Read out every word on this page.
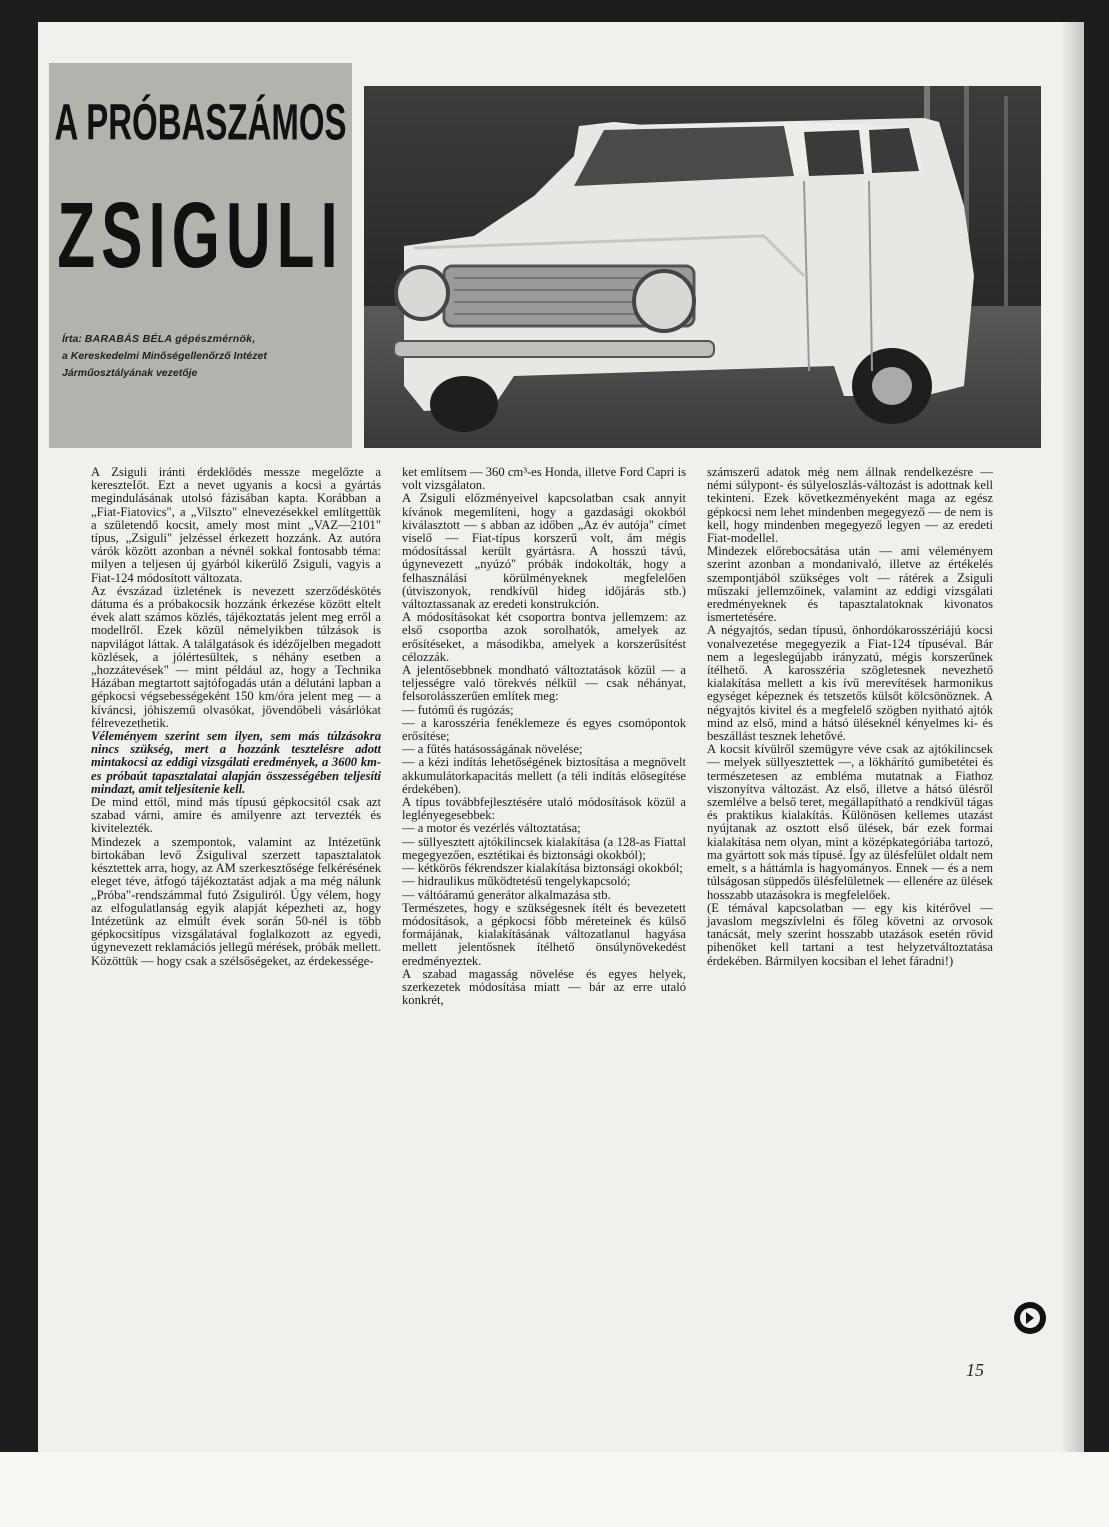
A PRÓBASZÁMOS
ZSIGULI
Írta: BARABÁS BÉLA gépészmérnök,
a Kereskedelmi Minőségellenőrző Intézet
Járműosztályának vezetője

A Zsiguli iránti érdeklődés messze megelőzte a kereszteIőt. Ezt a nevet ugyanis a kocsi a gyártás megindulásának utolsó fázisában kapta. Korábban a „Fiat-Fiatovics", a „Vilszto" elnevezésekkel említgettük a születendő kocsit, amely most mint „VAZ—2101" típus, „Zsiguli" jelzéssel érkezett hozzánk. Az autóra várók között azonban a névnél sokkal fontosabb téma: milyen a teljesen új gyárból kikerülő Zsiguli, vagyis a Fiat-124 módosított változata.

Az évszázad üzletének is nevezett szerződéskötés dátuma és a próbakocsik hozzánk érkezése között eltelt évek alatt számos közlés, tájékoztatás jelent meg erről a modellről. Ezek közül némelyikben túlzások is napvilágot láttak. A találgatások és idézőjelben megadott közlések, a jólértesültek, s néhány esetben a „hozzátevések" — mint például az, hogy a Technika Házában megtartott sajtófogadás után a délutáni lapban a gépkocsi végsebességeként 150 km/óra jelent meg — a kíváncsi, jóhiszemű olvasókat, jövendőbeli vásárlókat félrevezethetik.

Véleményem szerint sem ilyen, sem más túlzásokra nincs szükség, mert a hozzánk tesztelésre adott mintakocsi az eddigi vizsgálati eredmények, a 3600 km-es próbaút tapasztalatai alapján összességében teljesíti mindazt, amit teljesítenie kell.

De mind ettől, mind más típusú gépkocsitól csak azt szabad várni, amire és amilyenre azt tervezték és kivitelezték.

Mindezek a szempontok, valamint az Intézetünk birtokában levő Zsigulival szerzett tapasztalatok késztettek arra, hogy, az AM szerkesztősége felkérésének eleget téve, átfogó tájékoztatást adjak a ma még nálunk „Próba"-rendszámmal futó Zsiguliról. Úgy vélem, hogy az elfogulatlanság egyik alapját képezheti az, hogy Intézetünk az elmúlt évek során 50-nél is több gépkocsitípus vizsgálatával foglalkozott az egyedi, úgynevezett reklamációs jellegű mérések, próbák mellett. Közöttük — hogy csak a szélsőségeket, az érdekessége-

ket említsem — 360 cm³-es Honda, illetve Ford Capri is volt vizsgálaton.

A Zsiguli előzményeivel kapcsolatban csak annyit kívánok megemlíteni, hogy a gazdasági okokból kiválasztott — s abban az időben „Az év autója" címet viselő — Fiat-típus korszerű volt, ám mégis módosítással került gyártásra. A hosszú távú, úgynevezett „nyúzó" próbák indokolták, hogy a felhasználási körülményeknek megfelelően (útviszonyok, rendkívül hideg időjárás stb.) változtassanak az eredeti konstrukción.

A módosításokat két csoportra bontva jellemzem: az első csoportba azok sorolhatók, amelyek az erősítéseket, a másodikba, amelyek a korszerűsítést célozzák.

A jelentősebbnek mondható változtatások közül — a teljességre való törekvés nélkül — csak néhányat, felsorolásszerűen említek meg:

— futómű és rugózás;

— a karosszéria fenéklemeze és egyes csomópontok erősítése;

— a fűtés hatásosságának növelése;

— a kézi indítás lehetőségének biztosítása a megnövelt akkumulátorkapacitás mellett (a téli indítás elősegítése érdekében).

A típus továbbfejlesztésére utaló módosítások közül a leglényegesebbek:

— a motor és vezérlés változtatása;

— süllyesztett ajtókilincsek kialakítása (a 128-as Fiattal megegyezően, esztétikai és biztonsági okokból);

— kétkörös fékrendszer kialakítása biztonsági okokból;

— hidraulikus működtetésű tengelykapcsoló;

— váltóáramú generátor alkalmazása stb.

Természetes, hogy e szükségesnek ítélt és bevezetett módosítások, a gépkocsi főbb méreteinek és külső formájának, kialakításának változatlanul hagyása mellett jelentősnek ítélhető önsúlynövekedést eredményeztek.

A szabad magasság növelése és egyes helyek, szerkezetek módosítása miatt — bár az erre utaló konkrét,

számszerű adatok még nem állnak rendelkezésre — némi súlypont- és súlyeloszlás-változást is adottnak kell tekinteni. Ezek következményeként maga az egész gépkocsi nem lehet mindenben megegyező — de nem is kell, hogy mindenben megegyező legyen — az eredeti Fiat-modellel.

Mindezek előrebocsátása után — ami véleményem szerint azonban a mondanivaló, illetve az értékelés szempontjából szükséges volt — rátérek a Zsiguli műszaki jellemzőinek, valamint az eddigi vizsgálati eredményeknek és tapasztalatoknak kivonatos ismertetésére.

A négyajtós, sedan típusú, önhordókarosszériájú kocsi vonalvezetése megegyezik a Fiat-124 típuséval. Bár nem a legeslegújabb irányzatú, mégis korszerűnek ítélhető. A karosszéria szögletesnek nevezhető kialakítása mellett a kis ívű merevítések harmonikus egységet képeznek és tetszetős külsőt kölcsönöznek. A négyajtós kivitel és a megfelelő szögben nyitható ajtók mind az első, mind a hátsó üléseknél kényelmes ki- és beszállást tesznek lehetővé.

A kocsit kívülről szemügyre véve csak az ajtókilincsek — melyek süllyesztettek —, a lökhárító gumibetétei és természetesen az emblémа mutatnak a Fiathoz viszonyítva változást. Az első, illetve a hátsó ülésről szemlélve a belső teret, megállapítható a rendkívül tágas és praktikus kialakítás. Különösen kellemes utazást nyújtanak az osztott első ülések, bár ezek formai kialakítása nem olyan, mint a középkategóriába tartozó, ma gyártott sok más típusé. Így az ülésfelület oldalt nem emelt, s a háttámla is hagyományos. Ennek — és a nem túlságosan süppedős ülésfelületnek — ellenére az ülések hosszabb utazásokra is megfelelőek.

(E témával kapcsolatban — egy kis kitérővel — javaslom megszívlelni és főleg követni az orvosok tanácsát, mely szerint hosszabb utazások esetén rövid pihenőket kell tartani a test helyzetváltoztatása érdekében. Bármilyen kocsiban el lehet fáradni!)

15
